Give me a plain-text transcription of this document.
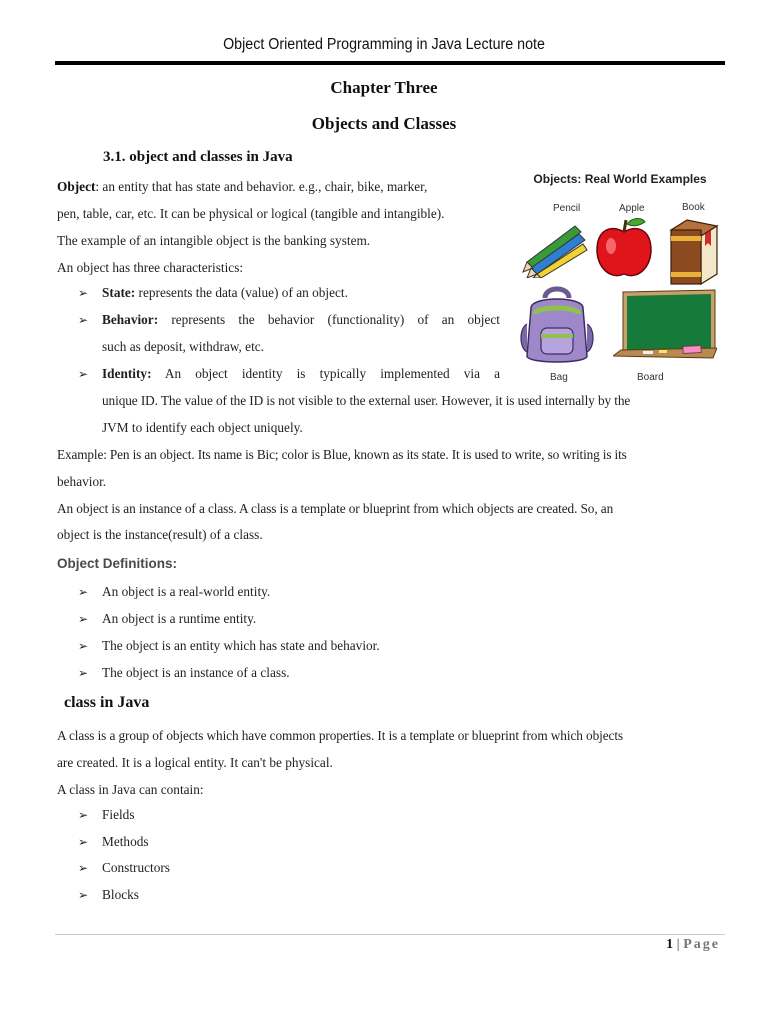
Object Oriented Programming in Java Lecture note
Chapter Three
Objects and Classes
3.1. object and classes in Java
Object: an entity that has state and behavior. e.g., chair, bike, marker,
pen, table, car, etc. It can be physical or logical (tangible and intangible).
The example of an intangible object is the banking system.
An object has three characteristics:
➢ State: represents the data (value) of an object.
➢ Behavior: represents the behavior (functionality) of an object
such as deposit, withdraw, etc.
➢ Identity: An object identity is typically implemented via a
unique ID. The value of the ID is not visible to the external user. However, it is used internally by the
JVM to identify each object uniquely.
Example: Pen is an object. Its name is Bic; color is Blue, known as its state. It is used to write, so writing is its
behavior.
An object is an instance of a class. A class is a template or blueprint from which objects are created. So, an
object is the instance(result) of a class.
Object Definitions:
➢ An object is a real-world entity.
➢ An object is a runtime entity.
➢ The object is an entity which has state and behavior.
➢ The object is an instance of a class.
class in Java
A class is a group of objects which have common properties. It is a template or blueprint from which objects
are created. It is a logical entity. It can't be physical.
A class in Java can contain:
➢ Fields
➢ Methods
➢ Constructors
➢ Blocks
Objects: Real World Examples
Pencil	Apple	Book
Bag	Board
1 | Page
